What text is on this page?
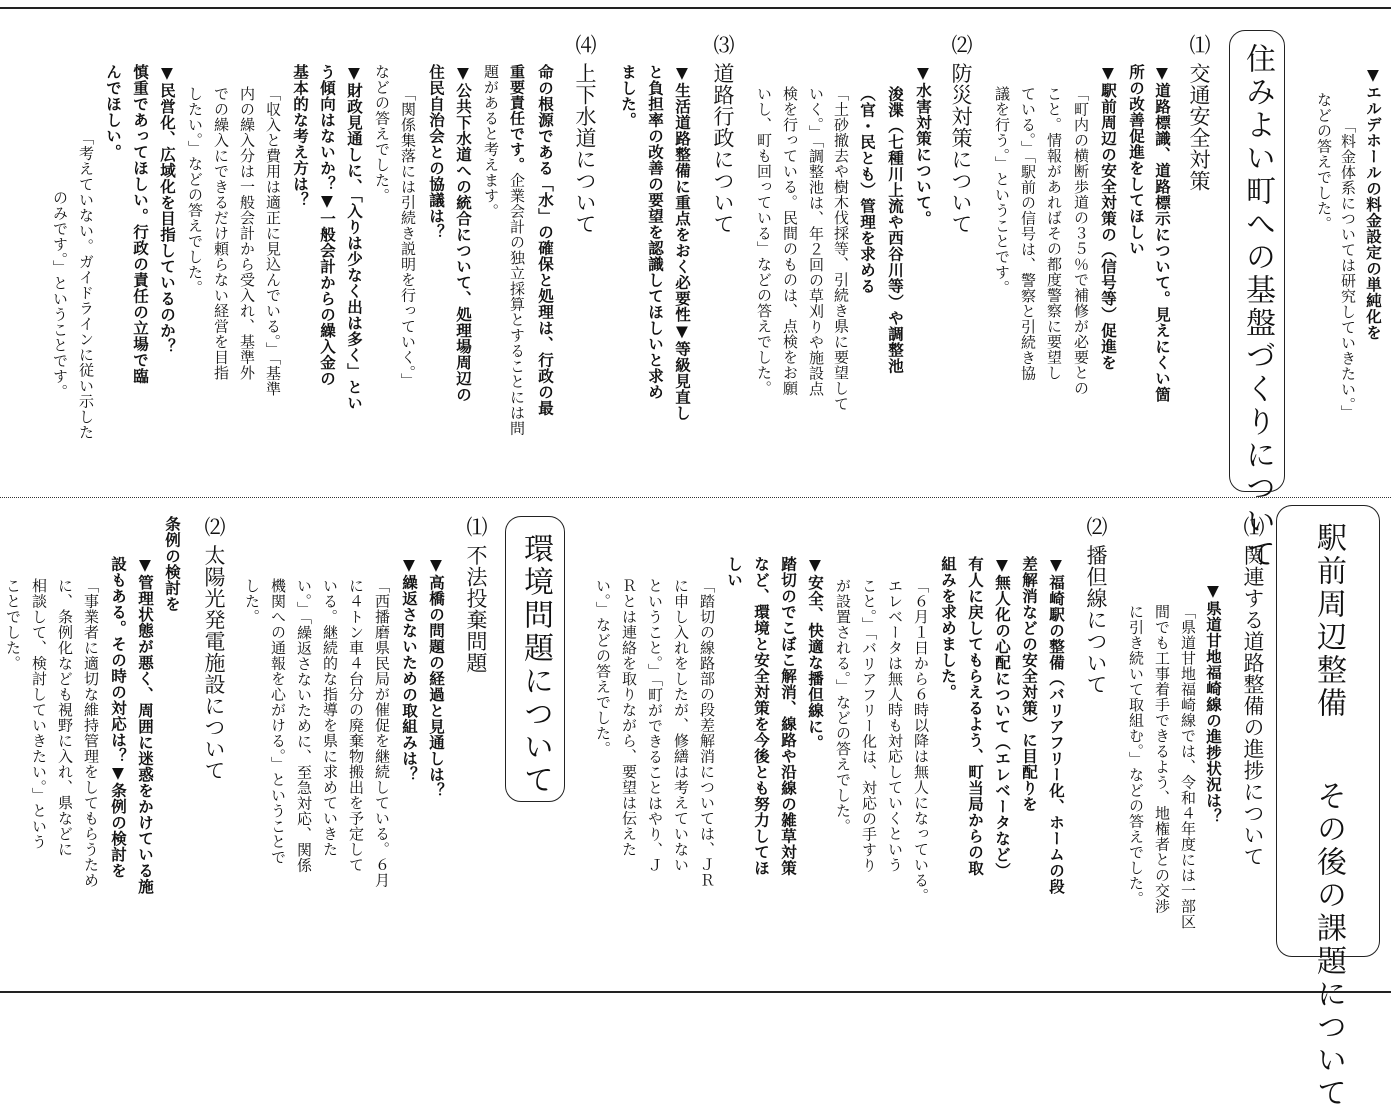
▼エルデホールの料金設定の単純化を
「料金体系については研究していきたい。」
などの答えでした。
住みよい町への基盤づくりについて
⑴ 交通安全対策
▼道路標識、道路標示について。見えにくい箇
所の改善促進をしてほしい
▼駅前周辺の安全対策の（信号等）促進を
「町内の横断歩道の３５％で補修が必要との
こと。情報があればその都度警察に要望し
ている。」「駅前の信号は、警察と引続き協
議を行う。」ということです。
⑵ 防災対策について
▼水害対策について。
浚渫（七種川上流や西谷川等）や調整池
（官・民とも）管理を求める
「土砂撤去や樹木伐採等、引続き県に要望して
いく。」「調整池は、年２回の草刈りや施設点
検を行っている。民間のものは、点検をお願
いし、町も回っている」などの答えでした。
⑶ 道路行政について
▼生活道路整備に重点をおく必要性▼等級見直し
と負担率の改善の要望を認識してほしいと求め
ました。
⑷ 上下水道について
命の根源である「水」の確保と処理は、行政の最
重要責任です。企業会計の独立採算とすることには問
題があると考えます。
▼公共下水道への統合について、処理場周辺の
住民自治会との協議は？
「関係集落には引続き説明を行っていく。」
などの答えでした。
▼財政見通しに、「入りは少なく出は多く」とい
う傾向はないか？▼一般会計からの繰入金の
基本的な考え方は？
「収入と費用は適正に見込んでいる。」「基準
内の繰入分は一般会計から受入れ、基準外
での繰入にできるだけ頼らない経営を目指
したい。」などの答えでした。
▼民営化、広域化を目指しているのか？
慎重であってほしい。行政の責任の立場で臨
んでほしい。
「考えていない。ガイドラインに従い示した
のみです。」ということです。
駅前周辺整備
その後の課題について
⑴ 関連する道路整備の進捗について
▼県道甘地福崎線の進捗状況は？
「県道甘地福崎線では、令和４年度には一部区
間でも工事着手できるよう、地権者との交渉
に引き続いて取組む。」などの答えでした。
⑵ 播但線について
▼福崎駅の整備（バリアフリー化、ホームの段
差解消などの安全対策）に目配りを
▼無人化の心配について（エレベータなど）
有人に戻してもらえるよう、町当局からの取
組みを求めました。
「６月１日から６時以降は無人になっている。
エレベータは無人時も対応していくという
こと。」「バリアフリー化は、対応の手すり
が設置される。」などの答えでした。
▼安全、快適な播但線に。
踏切のでこぼこ解消、線路や沿線の雑草対策
など、環境と安全対策を今後とも努力してほ
しい
「踏切の線路部の段差解消については、ＪＲ
に申し入れをしたが、修繕は考えていない
ということ。」「町ができることはやり、Ｊ
Ｒとは連絡を取りながら、要望は伝えた
い。」などの答えでした。
環境問題について
⑴ 不法投棄問題
▼高橋の問題の経過と見通しは？
▼繰返さないための取組みは？
「西播磨県民局が催促を継続している。６月
に４トン車４台分の廃棄物搬出を予定して
いる。継続的な指導を県に求めていきた
い。」「繰返さないために、至急対応、関係
機関への通報を心がける。」ということで
した。
⑵ 太陽光発電施設について
条例の検討を
▼管理状態が悪く、周囲に迷惑をかけている施
設もある。その時の対応は？▼条例の検討を
「事業者に適切な維持管理をしてもらうため
に、条例化なども視野に入れ、県などに
相談して、検討していきたい。」という
ことでした。
